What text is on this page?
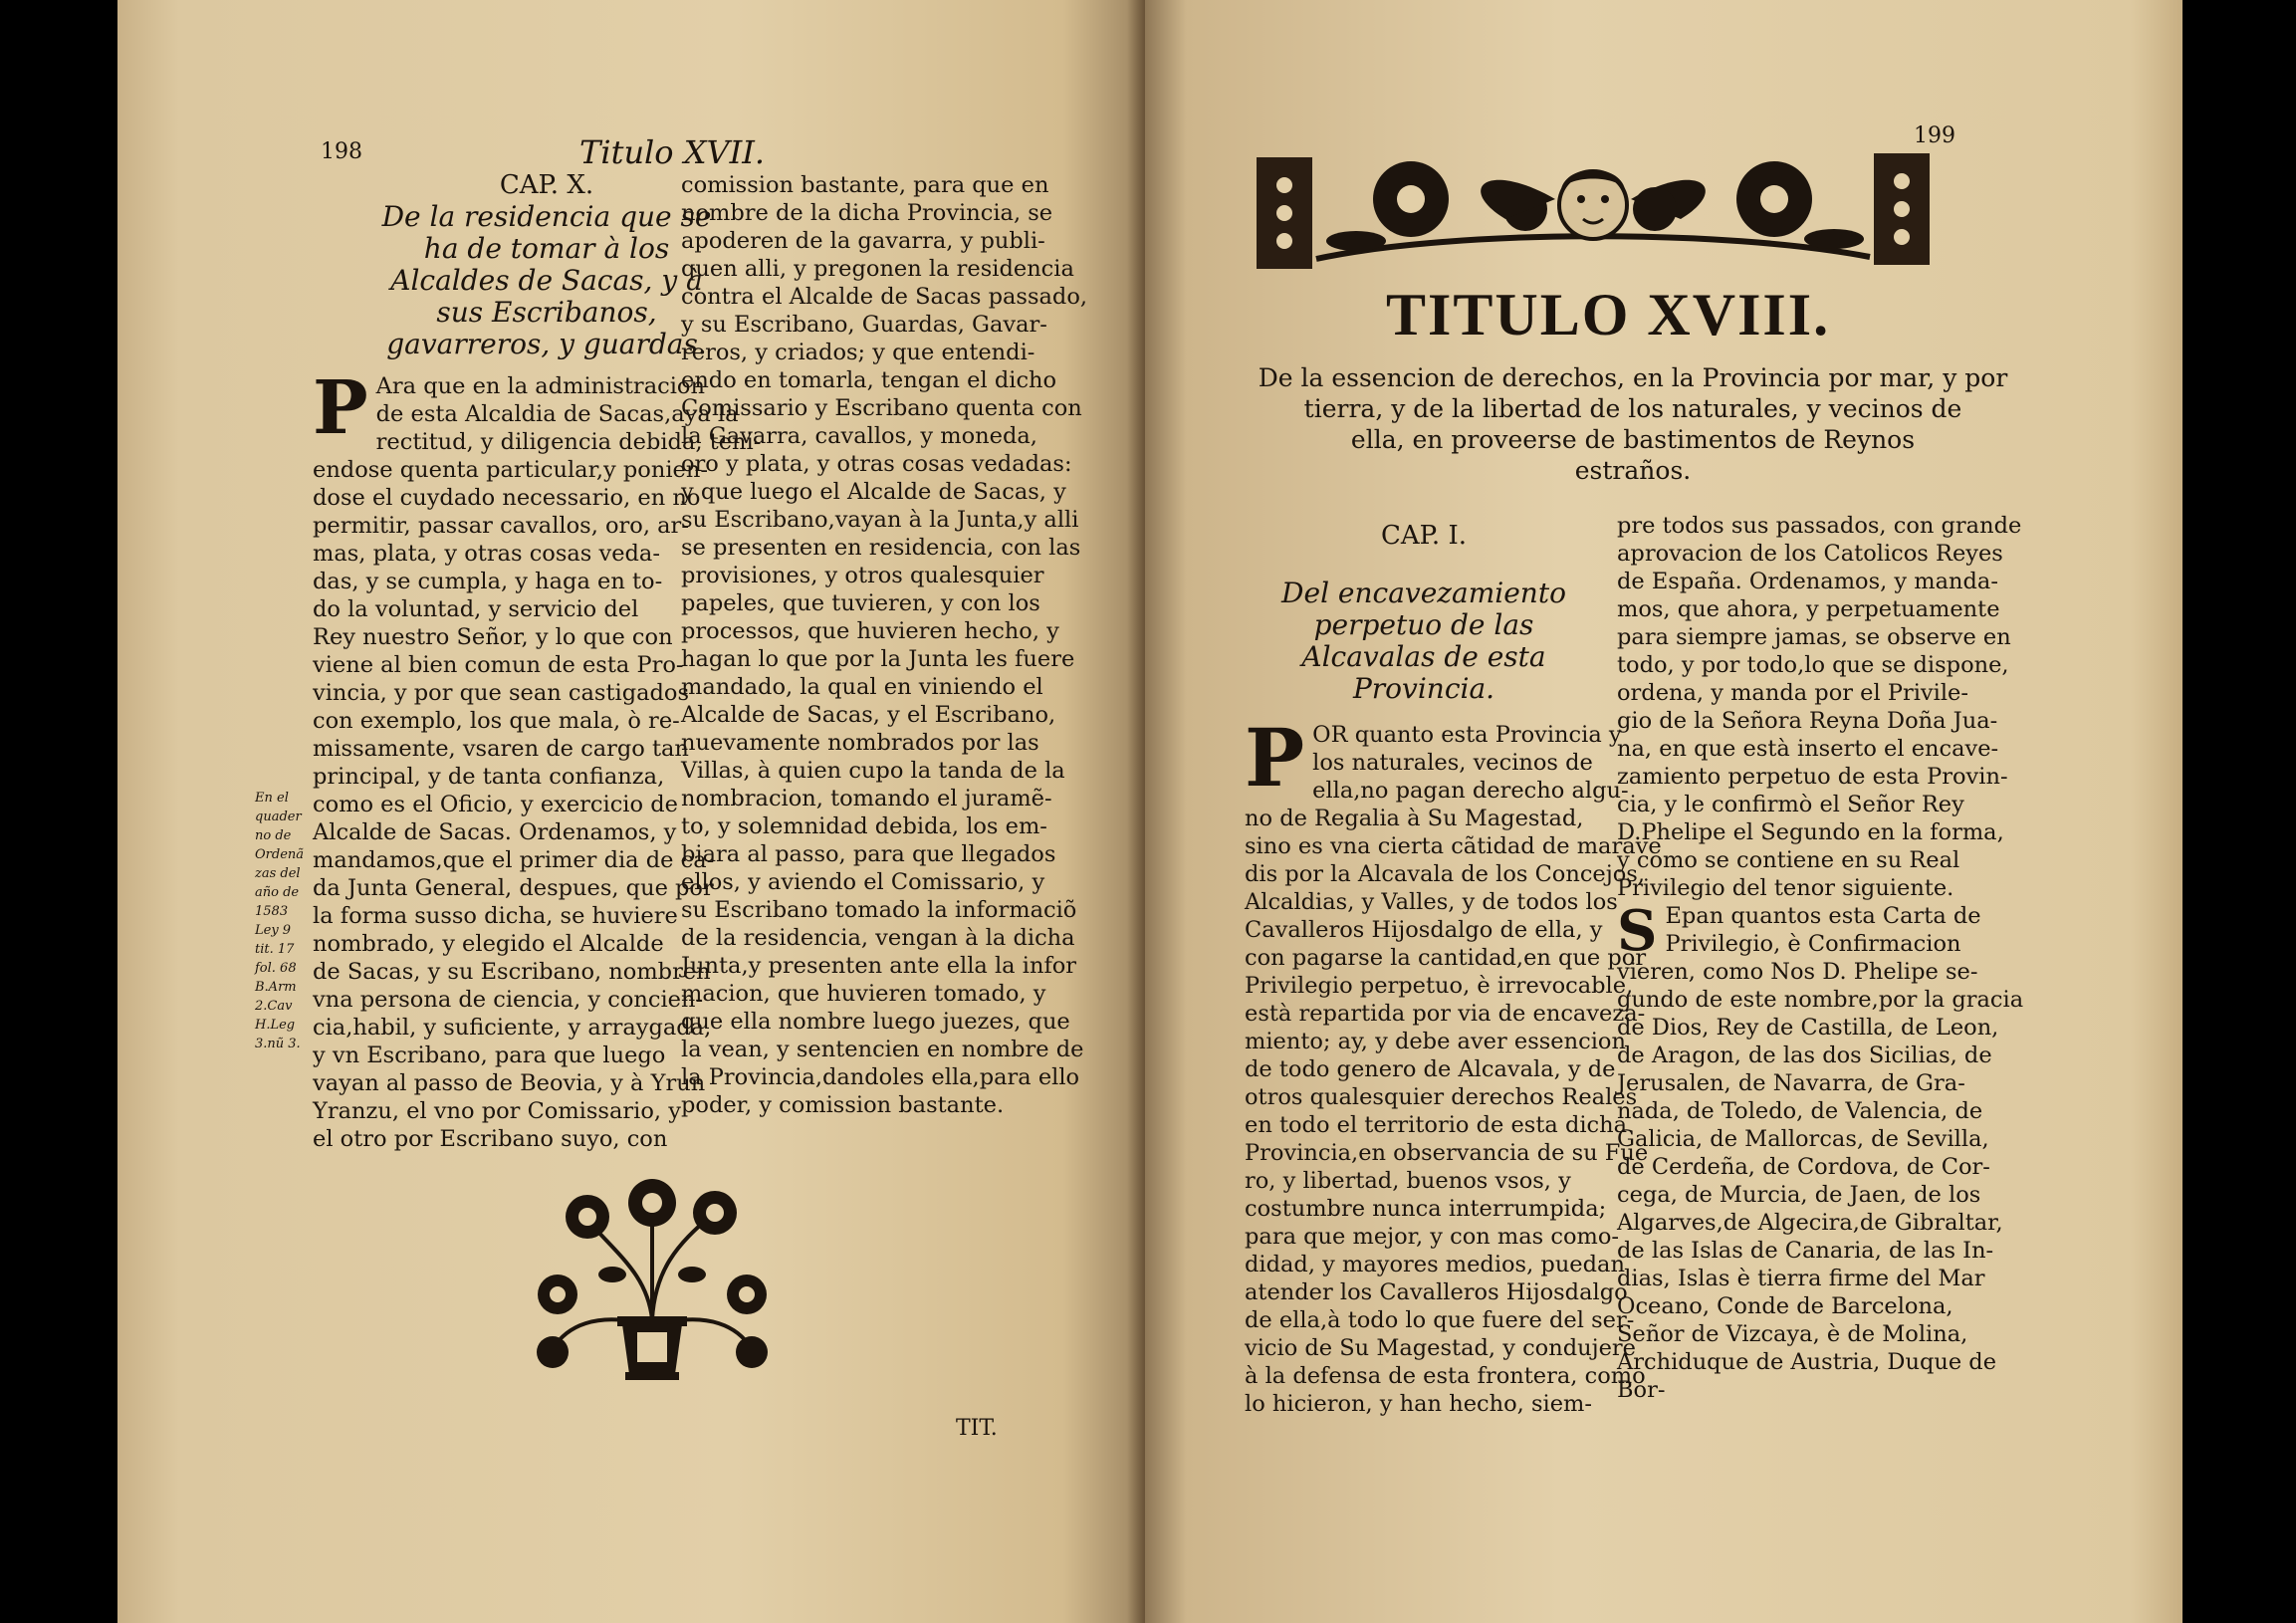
198	Titulo XVII.
CAP. X.
De la residencia que se ha de tomar à los Alcaldes de Sacas, y à sus Escribanos, gavarreros, y guardas.
P Ara que en la administracion
de esta Alcaldia de Sacas,aya la
rectitud, y diligencia debida, teni-
endose quenta particular,y ponien-
dose el cuydado necessario, en no
permitir, passar cavallos, oro, ar-
mas, plata, y otras cosas veda-
das, y se cumpla, y haga en to-
do la voluntad, y servicio del
Rey nuestro Señor, y lo que con
viene al bien comun de esta Pro-
vincia, y por que sean castigados
con exemplo, los que mala, ò re-
missamente, vsaren de cargo tan
principal, y de tanta confianza,
como es el Oficio, y exercicio de
Alcalde de Sacas. Ordenamos, y
mandamos,que el primer dia de ca-
da Junta General, despues, que por
la forma susso dicha, se huviere
nombrado, y elegido el Alcalde
de Sacas, y su Escribano, nombren
vna persona de ciencia, y concien-
cia,habil, y suficiente, y arraygada,
y vn Escribano, para que luego
vayan al passo de Beovia, y à Yrun
Yranzu, el vno por Comissario, y
el otro por Escribano suyo, con
comission bastante, para que en
nombre de la dicha Provincia, se
apoderen de la gavarra, y publi-
quen alli, y pregonen la residencia
contra el Alcalde de Sacas passado,
y su Escribano, Guardas, Gavar-
reros, y criados; y que entendi-
endo en tomarla, tengan el dicho
Comissario y Escribano quenta con
la Gavarra, cavallos, y moneda,
oro y plata, y otras cosas vedadas:
y que luego el Alcalde de Sacas, y
su Escribano,vayan à la Junta,y alli
se presenten en residencia, con las
provisiones, y otros qualesquier
papeles, que tuvieren, y con los
processos, que huvieren hecho, y
hagan lo que por la Junta les fuere
mandado, la qual en viniendo el
Alcalde de Sacas, y el Escribano,
nuevamente nombrados por las
Villas, à quien cupo la tanda de la
nombracion, tomando el juramẽ-
to, y solemnidad debida, los em-
biara al passo, para que llegados
ellos, y aviendo el Comissario, y
su Escribano tomado la informaciõ
de la residencia, vengan à la dicha
Junta,y presenten ante ella la infor
macion, que huvieren tomado, y
que ella nombre luego juezes, que
la vean, y sentencien en nombre de
la Provincia,dandoles ella,para ello
poder, y comission bastante.
En el
quader
no de
Ordenã
zas del
año de
1583
Ley 9
tit. 17
fol. 68
B.Arm
2.Cav
H.Leg
3.nũ 3.
TIT.
199
TITULO XVIII.
De la essencion de derechos, en la Provincia por mar, y por
tierra, y de la libertad de los naturales, y vecinos de
ella, en proveerse de bastimentos de Reynos
estraños.
CAP. I.
Del encavezamiento perpetuo de las Alcavalas de esta Provincia.
P OR quanto esta Provincia y
los naturales, vecinos de
ella,no pagan derecho algu-
no de Regalia à Su Magestad,
sino es vna cierta cãtidad de marave
dis por la Alcavala de los Concejos,
Alcaldias, y Valles, y de todos los
Cavalleros Hijosdalgo de ella, y
con pagarse la cantidad,en que por
Privilegio perpetuo, è irrevocable,
està repartida por via de encaveza-
miento; ay, y debe aver essencion
de todo genero de Alcavala, y de
otros qualesquier derechos Reales
en todo el territorio de esta dicha
Provincia,en observancia de su Fue
ro, y libertad, buenos vsos, y
costumbre nunca interrumpida;
para que mejor, y con mas como-
didad, y mayores medios, puedan
atender los Cavalleros Hijosdalgo
de ella,à todo lo que fuere del ser-
vicio de Su Magestad, y condujere
à la defensa de esta frontera, como
lo hicieron, y han hecho, siem-
pre todos sus passados, con grande
aprovacion de los Catolicos Reyes
de España. Ordenamos, y manda-
mos, que ahora, y perpetuamente
para siempre jamas, se observe en
todo, y por todo,lo que se dispone,
ordena, y manda por el Privile-
gio de la Señora Reyna Doña Jua-
na, en que està inserto el encave-
zamiento perpetuo de esta Provin-
cia, y le confirmò el Señor Rey
D.Phelipe el Segundo en la forma,
y como se contiene en su Real
Privilegio del tenor siguiente.
S Epan quantos esta Carta de
Privilegio, è Confirmacion
vieren, como Nos D. Phelipe se-
gundo de este nombre,por la gracia
de Dios, Rey de Castilla, de Leon,
de Aragon, de las dos Sicilias, de
Jerusalen, de Navarra, de Gra-
nada, de Toledo, de Valencia, de
Galicia, de Mallorcas, de Sevilla,
de Cerdeña, de Cordova, de Cor-
cega, de Murcia, de Jaen, de los
Algarves,de Algecira,de Gibraltar,
de las Islas de Canaria, de las In-
dias, Islas è tierra firme del Mar
Oceano, Conde de Barcelona,
Señor de Vizcaya, è de Molina,
Archiduque de Austria, Duque de
Bor-
